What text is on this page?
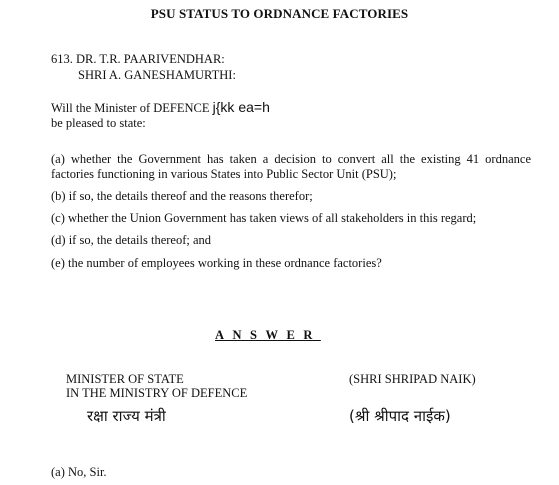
PSU STATUS TO ORDNANCE FACTORIES
613. DR. T.R. PAARIVENDHAR:
SHRI A. GANESHAMURTHI:
Will the Minister of DEFENCE j{kk ea=h
be pleased to state:
(a) whether the Government has taken a decision to convert all the existing 41 ordnance factories functioning in various States into Public Sector Unit (PSU);
(b) if so, the details thereof and the reasons therefor;
(c) whether the Union Government has taken views of all stakeholders in this regard;
(d) if so, the details thereof; and
(e) the number of employees working in these ordnance factories?
ANSWER
MINISTER OF STATE
IN THE MINISTRY OF DEFENCE
रक्षा राज्य मंत्री
(SHRI SHRIPAD NAIK)
(श्री श्रीपाद नाईक)
(a) No, Sir.
